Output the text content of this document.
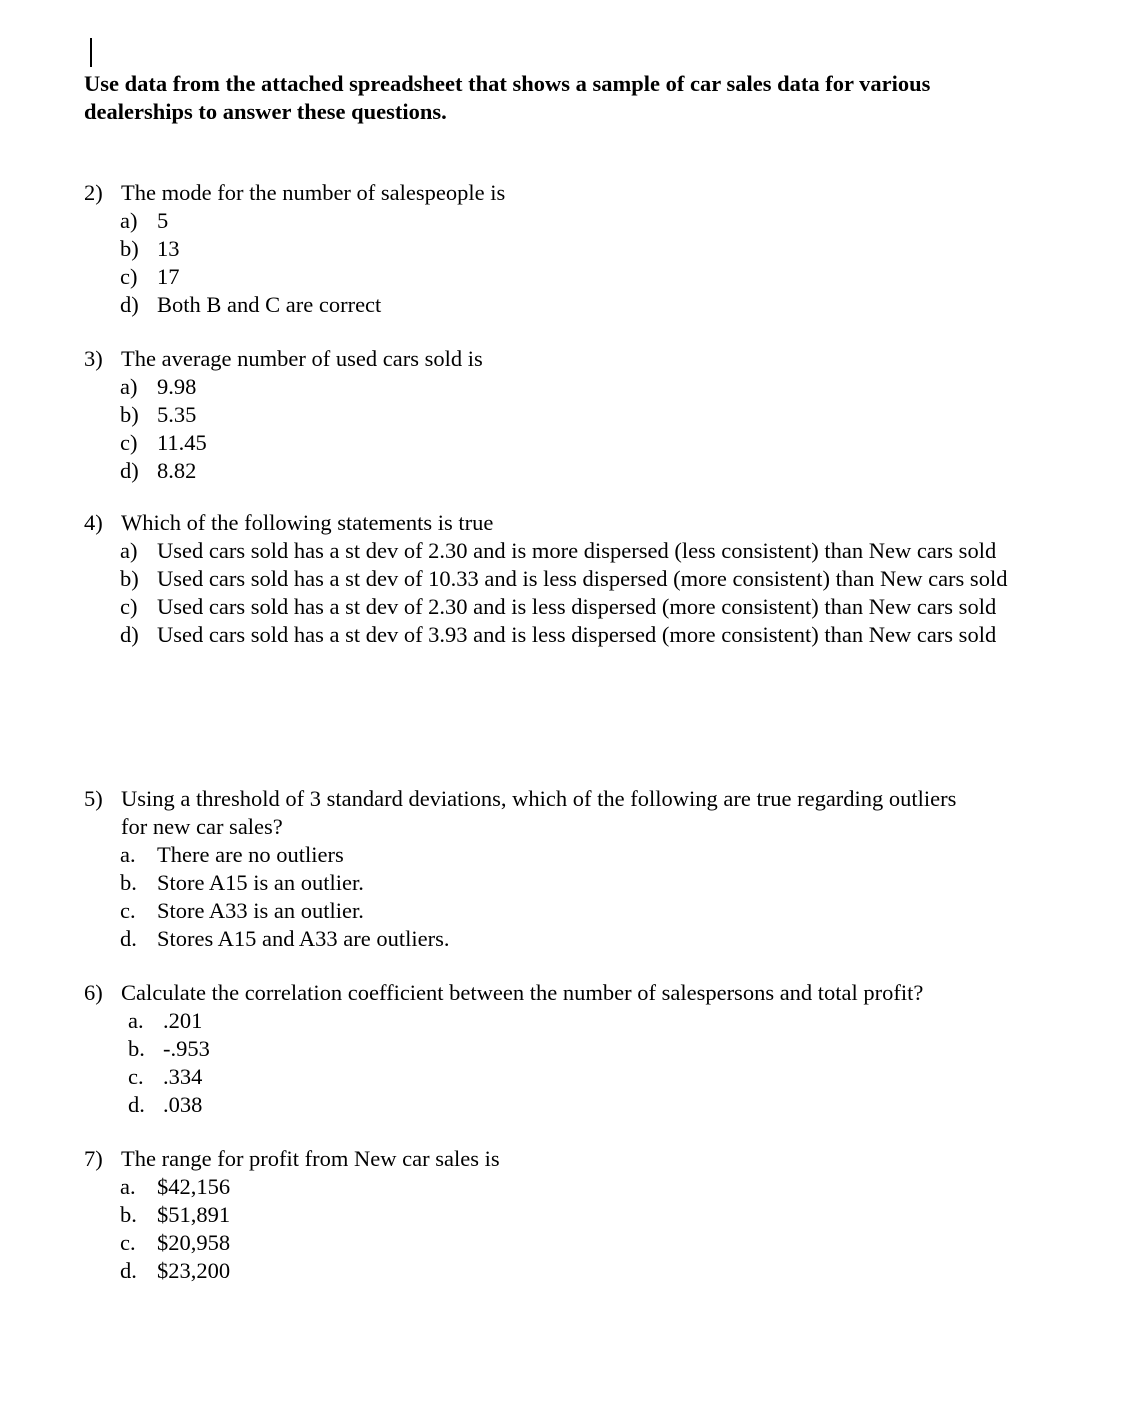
Use data from the attached spreadsheet that shows a sample of car sales data for various dealerships to answer these questions.
2) The mode for the number of salespeople is
a) 5
b) 13
c) 17
d) Both B and C are correct
3) The average number of used cars sold is
a) 9.98
b) 5.35
c) 11.45
d) 8.82
4) Which of the following statements is true
a) Used cars sold has a st dev of 2.30 and is more dispersed (less consistent) than New cars sold
b) Used cars sold has a st dev of 10.33 and is less dispersed (more consistent) than New cars sold
c) Used cars sold has a st dev of 2.30 and is less dispersed (more consistent) than New cars sold
d) Used cars sold has a st dev of 3.93 and is less dispersed (more consistent) than New cars sold
5) Using a threshold of 3 standard deviations, which of the following are true regarding outliers
for new car sales?
a. There are no outliers
b. Store A15 is an outlier.
c. Store A33 is an outlier.
d. Stores A15 and A33 are outliers.
6) Calculate the correlation coefficient between the number of salespersons and total profit?
a. .201
b. -.953
c. .334
d. .038
7) The range for profit from New car sales is
a. $42,156
b. $51,891
c. $20,958
d. $23,200
